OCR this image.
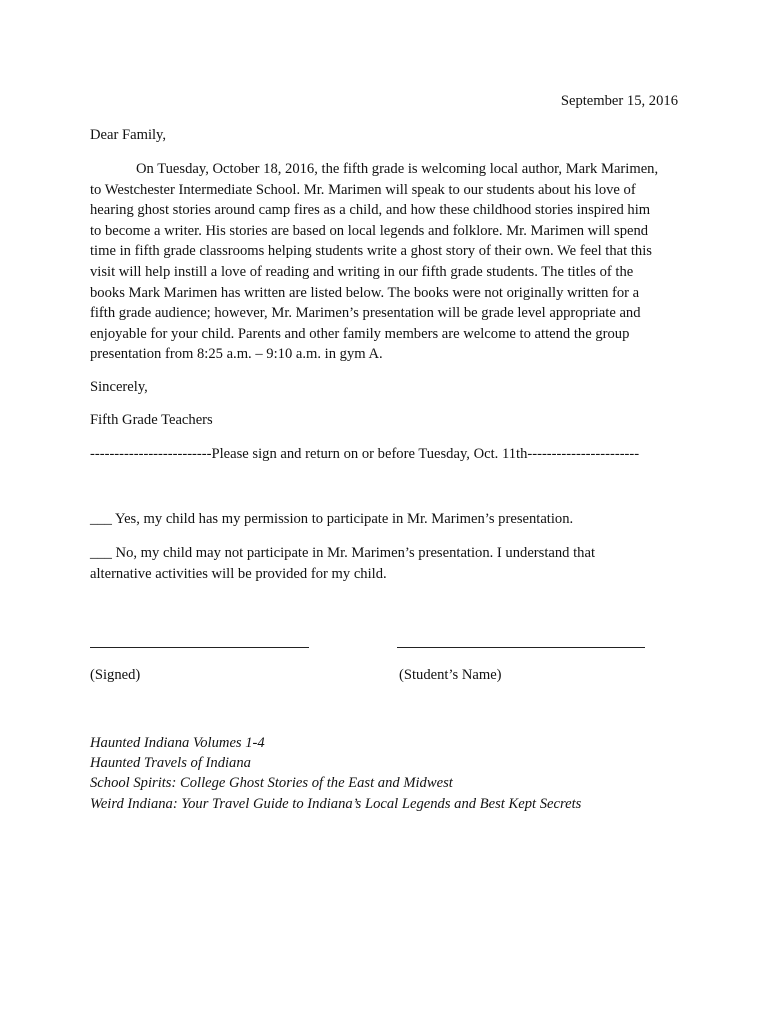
September 15, 2016
Dear Family,
On Tuesday, October 18, 2016, the fifth grade is welcoming local author, Mark Marimen,
to Westchester Intermediate School. Mr. Marimen will speak to our students about his love of
hearing ghost stories around camp fires as a child, and how these childhood stories inspired him
to become a writer. His stories are based on local legends and folklore. Mr. Marimen will spend
time in fifth grade classrooms helping students write a ghost story of their own. We feel that this
visit will help instill a love of reading and writing in our fifth grade students. The titles of the
books Mark Marimen has written are listed below. The books were not originally written for a
fifth grade audience; however, Mr. Marimen’s presentation will be grade level appropriate and
enjoyable for your child. Parents and other family members are welcome to attend the group
presentation from 8:25 a.m. – 9:10 a.m. in gym A.
Sincerely,
Fifth Grade Teachers
-------------------------Please sign and return on or before Tuesday, Oct. 11th-----------------------
___ Yes, my child has my permission to participate in Mr. Marimen’s presentation.
___ No, my child may not participate in Mr. Marimen’s presentation. I understand that
alternative activities will be provided for my child.
(Signed)	(Student’s Name)
Haunted Indiana Volumes 1-4
Haunted Travels of Indiana
School Spirits: College Ghost Stories of the East and Midwest
Weird Indiana: Your Travel Guide to Indiana’s Local Legends and Best Kept Secrets
